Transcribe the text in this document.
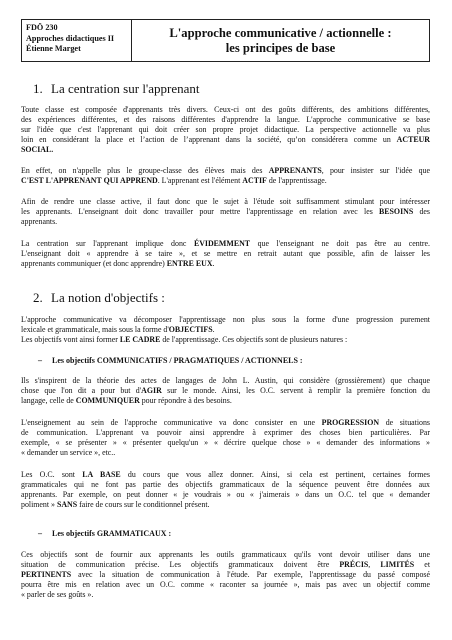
FDÖ 230
Approches didactiques II
Étienne Marget
L'approche communicative / actionnelle :
les principes de base
1. La centration sur l'apprenant
Toute classe est composée d'apprenants très divers. Ceux-ci ont des goûts différents, des ambitions différentes,
des expériences différentes, et des raisons différentes d'apprendre la langue. L'approche communicative se base
sur l'idée que c'est l'apprenant qui doit créer son propre projet didactique. La perspective actionnelle va plus
loin en considérant la place et l’action de l’apprenant dans la société, qu’on considérera comme un ACTEUR
SOCIAL.
En effet, on n'appelle plus le groupe-classe des élèves mais des APPRENANTS, pour insister sur l'idée que
C'EST L'APPRENANT QUI APPREND. L'apprenant est l'élément ACTIF de l'apprentissage.
Afin de rendre une classe active, il faut donc que le sujet à l'étude soit suffisamment stimulant pour intéresser
les apprenants. L'enseignant doit donc travailler pour mettre l'apprentissage en relation avec les BESOINS des
apprenants.
La centration sur l'apprenant implique donc ÉVIDEMMENT que l'enseignant ne doit pas être au centre.
L'enseignant doit « apprendre à se taire », et se mettre en retrait autant que possible, afin de laisser les
apprenants communiquer (et donc apprendre) ENTRE EUX.
2. La notion d'objectifs :
L'approche communicative va décomposer l'apprentissage non plus sous la forme d'une progression purement
lexicale et grammaticale, mais sous la forme d'OBJECTIFS.
Les objectifs vont ainsi former LE CADRE de l'apprentissage. Ces objectifs sont de plusieurs natures :
– Les objectifs COMMUNICATIFS / PRAGMATIQUES / ACTIONNELS :
Ils s'inspirent de la théorie des actes de langages de John L. Austin, qui considère (grossièrement) que chaque
chose que l'on dit a pour but d'AGIR sur le monde. Ainsi, les O.C. servent à remplir la première fonction du
langage, celle de COMMUNIQUER pour répondre à des besoins.
L'enseignement au sein de l'approche communicative va donc consister en une PROGRESSION de situations
de communication. L'apprenant va pouvoir ainsi apprendre à exprimer des choses bien particulières. Par
exemple, « se présenter » « présenter quelqu'un » « décrire quelque chose » « demander des informations »
« demander un service », etc..
Les O.C. sont LA BASE du cours que vous allez donner. Ainsi, si cela est pertinent, certaines formes
grammaticales qui ne font pas partie des objectifs grammaticaux de la séquence peuvent être données aux
apprenants. Par exemple, on peut donner « je voudrais » ou « j'aimerais » dans un O.C. tel que « demander
poliment » SANS faire de cours sur le conditionnel présent.
– Les objectifs GRAMMATICAUX :
Ces objectifs sont de fournir aux apprenants les outils grammaticaux qu'ils vont devoir utiliser dans une
situation de communication précise. Les objectifs grammaticaux doivent être PRÉCIS, LIMITÉS et
PERTINENTS avec la situation de communication à l'étude. Par exemple, l'apprentissage du passé composé
pourra être mis en relation avec un O.C. comme « raconter sa journée », mais pas avec un objectif comme
« parler de ses goûts ».
